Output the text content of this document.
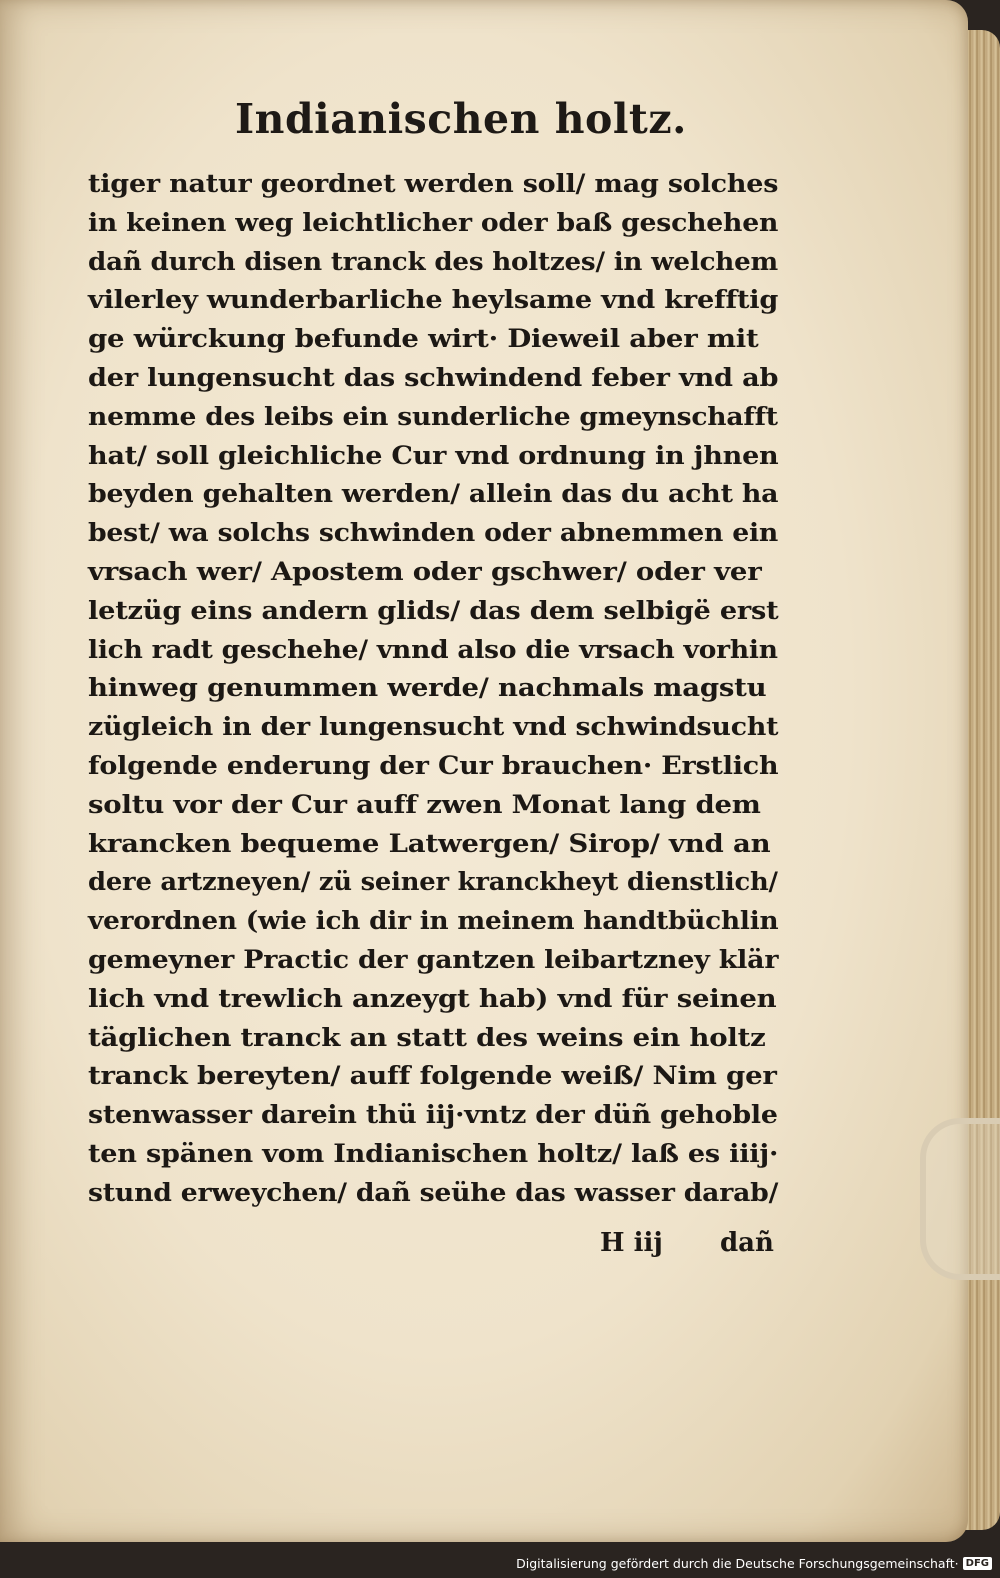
Indianischen holtz.
tiger natur geordnet werden soll/ mag solches
in keinen weg leichtlicher oder baß geschehen
dañ durch disen tranck des holtzes/ in welchem
vilerley wunderbarliche heylsame vnd krefftig
ge würckung befunde wirt· Dieweil aber mit
der lungensucht das schwindend feber vnd ab
nemme des leibs ein sunderliche gmeynschafft
hat/ soll gleichliche Cur vnd ordnung in jhnen
beyden gehalten werden/ allein das du acht ha
best/ wa solchs schwinden oder abnemmen ein
vrsach wer/ Apostem oder gschwer/ oder ver
letzüg eins andern glids/ das dem selbigë erst
lich radt geschehe/ vnnd also die vrsach vorhin
hinweg genummen werde/ nachmals magstu
zügleich in der lungensucht vnd schwindsucht
folgende enderung der Cur brauchen· Erstlich
soltu vor der Cur auff zwen Monat lang dem
krancken bequeme Latwergen/ Sirop/ vnd an
dere artzneyen/ zü seiner kranckheyt dienstlich/
verordnen (wie ich dir in meinem handtbüchlin
gemeyner Practic der gantzen leibartzney klär
lich vnd trewlich anzeygt hab) vnd für seinen
täglichen tranck an statt des weins ein holtz
tranck bereyten/ auff folgende weiß/ Nim ger
stenwasser darein thü iij·vntz der düñ gehoble
ten spänen vom Indianischen holtz/ laß es iiij·
stund erweychen/ dañ seühe das wasser darab/
H iij dañ
Digitalisierung gefördert durch die Deutsche Forschungsgemeinschaft· DFG
